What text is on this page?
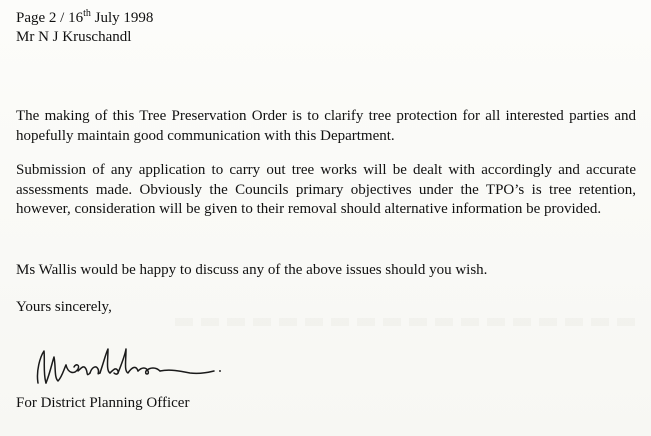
Page 2 / 16th July 1998
Mr N J Kruschandl
The making of this Tree Preservation Order is to clarify tree protection for all interested parties and hopefully maintain good communication with this Department.
Submission of any application to carry out tree works will be dealt with accordingly and accurate assessments made. Obviously the Councils primary objectives under the TPO’s is tree retention, however, consideration will be given to their removal should alternative information be provided.
Ms Wallis would be happy to discuss any of the above issues should you wish.
Yours sincerely,
For District Planning Officer
